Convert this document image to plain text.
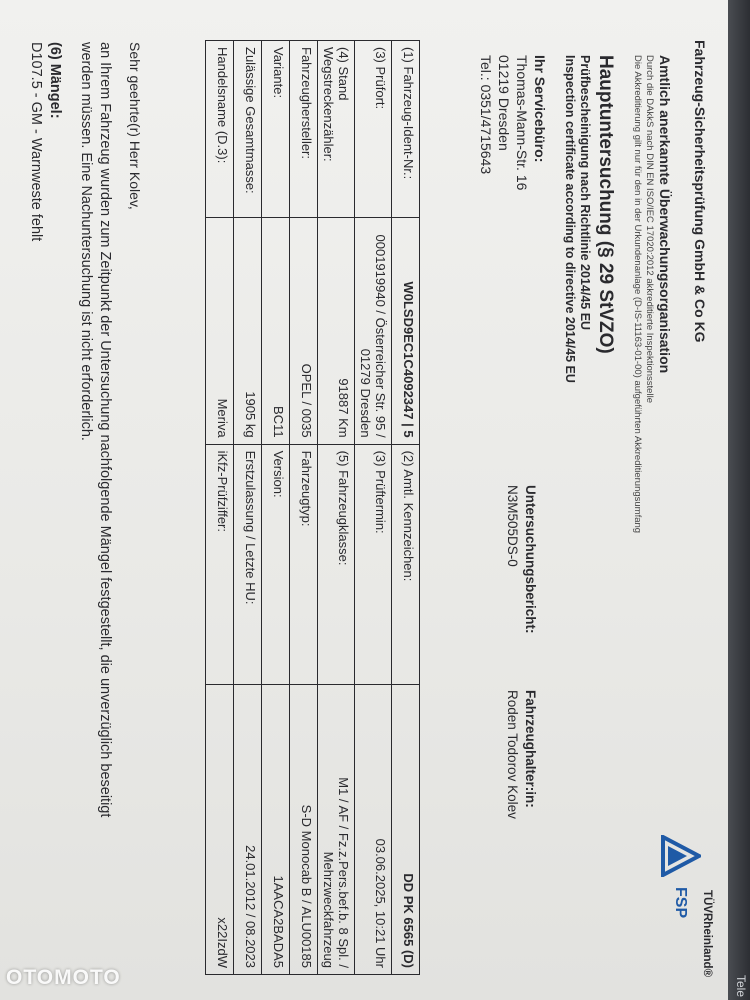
Tele
Fahrzeug-Sicherheitsprüfung GmbH & Co KG
Amtlich anerkannte Überwachungsorganisation
Durch die DAkkS nach DIN EN ISO/IEC 17020:2012 akkreditierte Inspektionsstelle
Die Akkreditierung gilt nur für den in der Urkundenanlage (D-IS-11163-01-00) aufgeführten Akkreditierungsumfang
TÜVRheinland®
FSP
Hauptuntersuchung (§ 29 StVZO)
Prüfbescheinigung nach Richtlinie 2014/45 EU
Inspection certificate according to directive 2014/45 EU
Ihr Servicebüro:
Thomas-Mann-Str. 16
01219 Dresden
Tel.: 0351/4715643
Untersuchungsbericht:
N3M505DS-0
Fahrzeughalter:in:
Roden Todorov Kolev
(1) Fahrzeug-Ident-Nr.:	W0LSD9EC1C4092347 | 5	(2) Amtl. Kennzeichen:	DD PK 6565 (D)
(3) Prüfort:	0001919940 / Österreicher Str. 95 / 01279 Dresden	(3) Prüftermin:	03.06.2025, 10:21 Uhr
(4) Stand Wegstreckenzähler:	91887 Km	(5) Fahrzeugklasse:	M1 / AF / Fz.z.Pers.bef.b. 8 Spl. / Mehrzweckfahrzeug
Fahrzeughersteller:	OPEL / 0035	Fahrzeugtyp:	S-D Monocab B / ALU00185
Variante:	BC11	Version:	1AACA2BADA5
Zulässige Gesamtmasse:	1905 kg	Erstzulassung / Letzte HU:	24.01.2012 / 08.2023
Handelsname (D.3):	Meriva	iKfz-Prüfziffer:	x22IzdW
Sehr geehrte(r) Herr Kolev,
an Ihrem Fahrzeug wurden zum Zeitpunkt der Untersuchung nachfolgende Mängel festgestellt, die unverzüglich beseitigt
werden müssen. Eine Nachuntersuchung ist nicht erforderlich.
(6) Mängel:
D107.5 - GM - Warnweste fehlt
OTOMOTO
